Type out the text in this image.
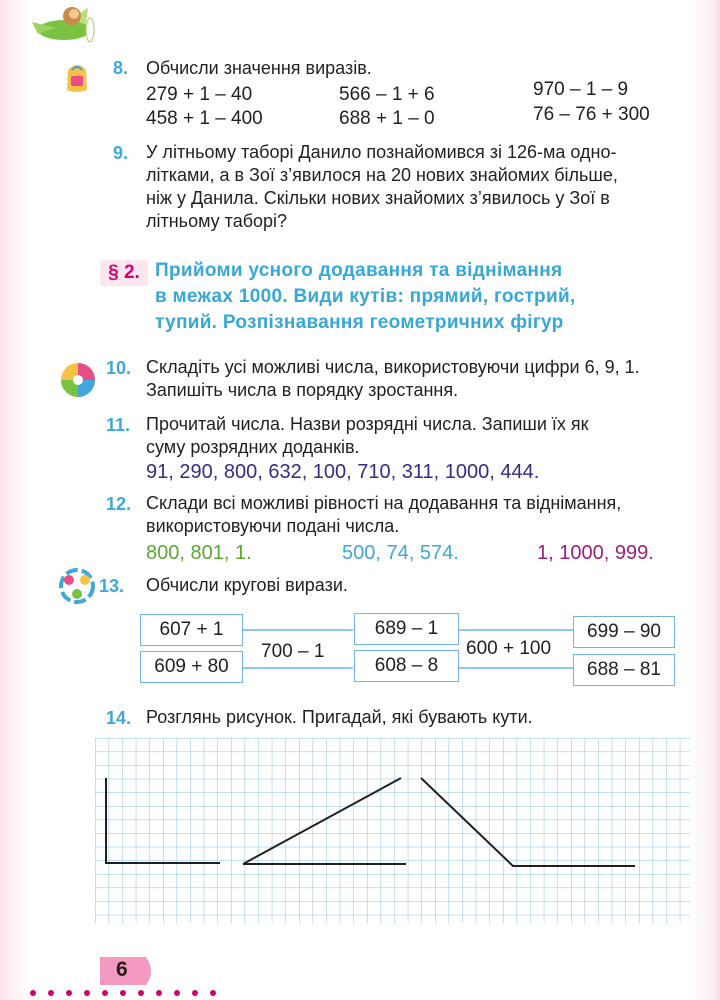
8. Обчисли значення виразів.
279 + 1 – 40	566 – 1 + 6	970 – 1 – 9
458 + 1 – 400	688 + 1 – 0	76 – 76 + 300
9. У літньому таборі Данило познайомився зі 126-ма одно-
літками, а в Зої з’явилося на 20 нових знайомих більше,
ніж у Данила. Скільки нових знайомих з’явилось у Зої в
літньому таборі?
§ 2. Прийоми усного додавання та віднімання
в межах 1000. Види кутів: прямий, гострий,
тупий. Розпізнавання геометричних фігур
10. Складіть усі можливі числа, використовуючи цифри 6, 9, 1.
Запишіть числа в порядку зростання.
11. Прочитай числа. Назви розрядні числа. Запиши їх як
суму розрядних доданків.
91, 290, 800, 632, 100, 710, 311, 1000, 444.
12. Склади всі можливі рівності на додавання та віднімання,
використовуючи подані числа.
800, 801, 1.	500, 74, 574.	1, 1000, 999.
13. Обчисли кругові вирази.
607 + 1
609 + 80
700 – 1
689 – 1
608 – 8
600 + 100
699 – 90
688 – 81
14. Розглянь рисунок. Пригадай, які бувають кути.
6
